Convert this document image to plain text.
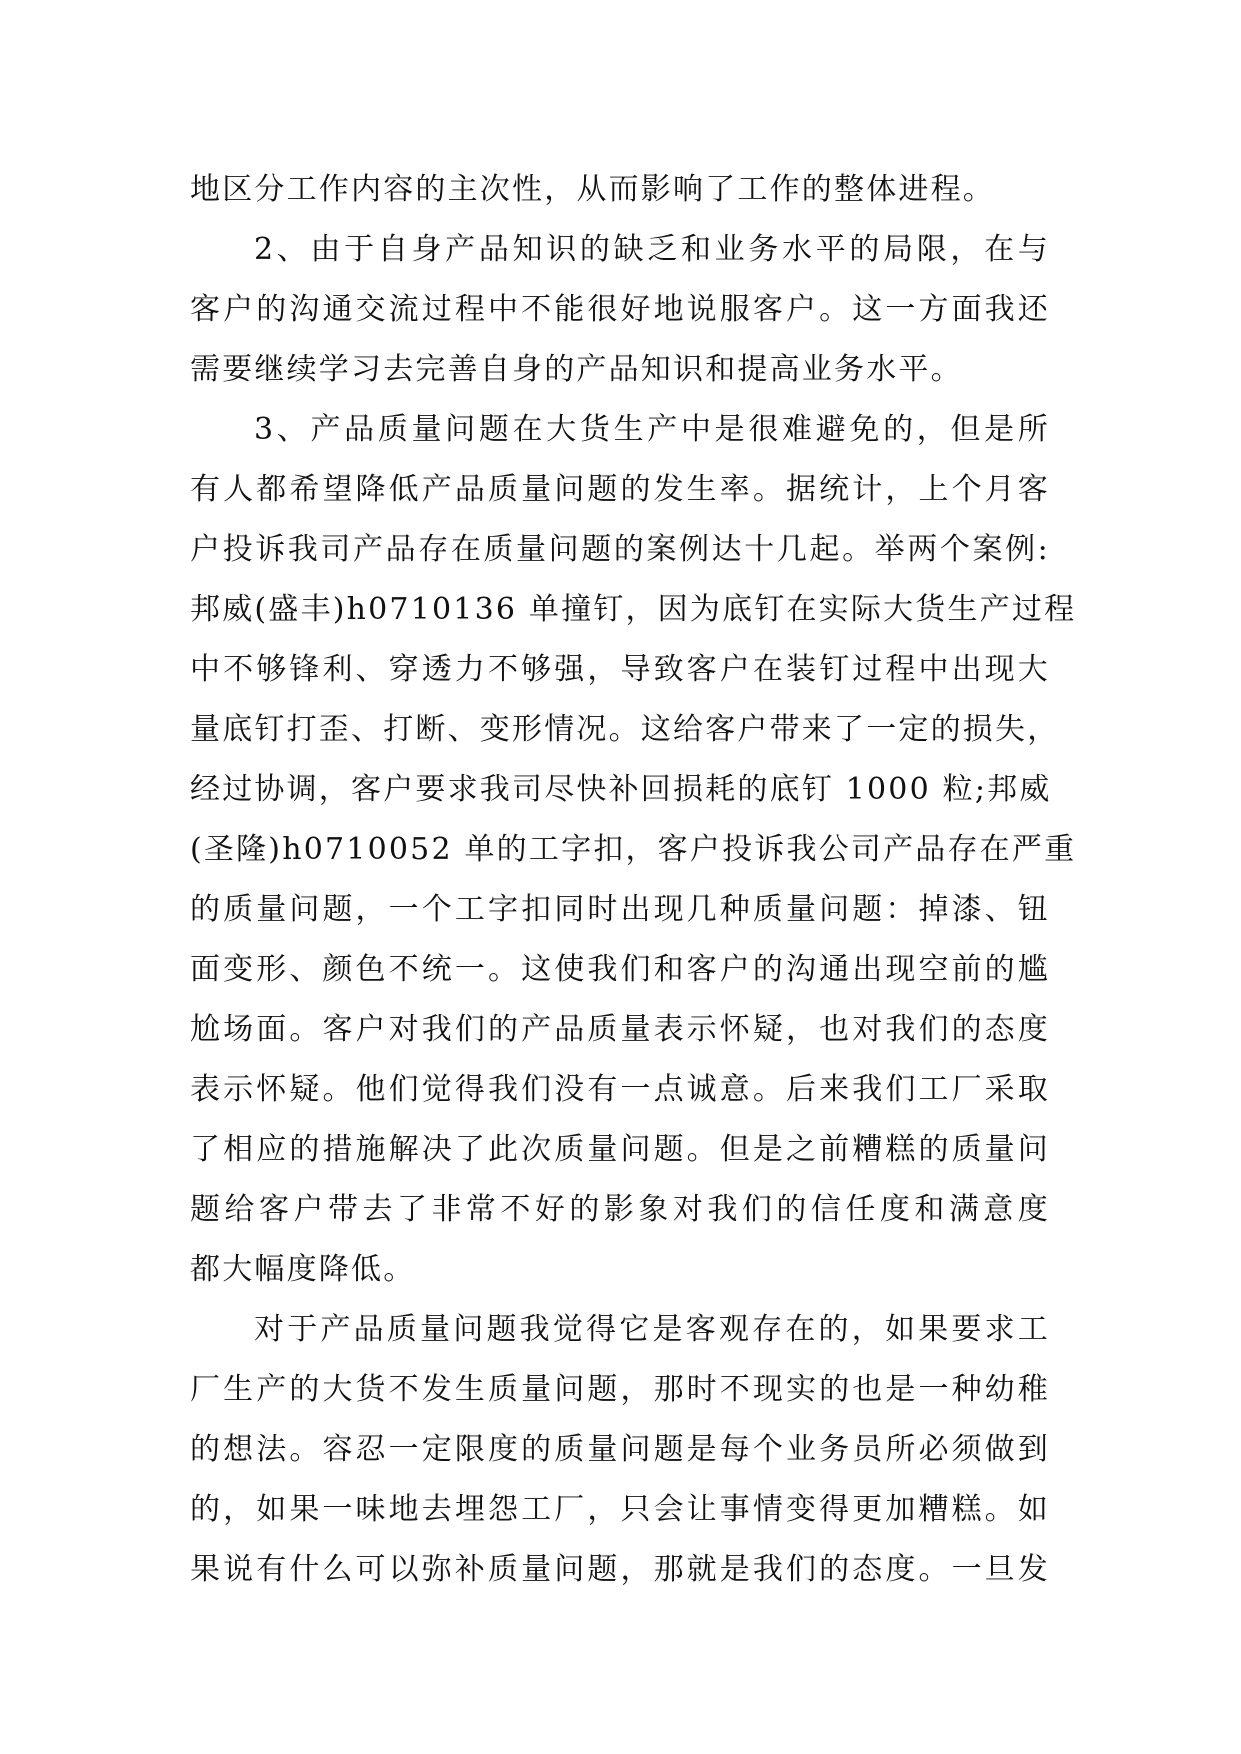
地区分工作内容的主次性，从而影响了工作的整体进程。
2、由于自身产品知识的缺乏和业务水平的局限，在与
客户的沟通交流过程中不能很好地说服客户。这一方面我还
需要继续学习去完善自身的产品知识和提高业务水平。
3、产品质量问题在大货生产中是很难避免的，但是所
有人都希望降低产品质量问题的发生率。据统计，上个月客
户投诉我司产品存在质量问题的案例达十几起。举两个案例:
邦威(盛丰)h0710136 单撞钉，因为底钉在实际大货生产过程
中不够锋利、穿透力不够强，导致客户在装钉过程中出现大
量底钉打歪、打断、变形情况。这给客户带来了一定的损失，
经过协调，客户要求我司尽快补回损耗的底钉 1000 粒;邦威
(圣隆)h0710052 单的工字扣，客户投诉我公司产品存在严重
的质量问题，一个工字扣同时出现几种质量问题：掉漆、钮
面变形、颜色不统一。这使我们和客户的沟通出现空前的尴
尬场面。客户对我们的产品质量表示怀疑，也对我们的态度
表示怀疑。他们觉得我们没有一点诚意。后来我们工厂采取
了相应的措施解决了此次质量问题。但是之前糟糕的质量问
题给客户带去了非常不好的影象对我们的信任度和满意度
都大幅度降低。
对于产品质量问题我觉得它是客观存在的，如果要求工
厂生产的大货不发生质量问题，那时不现实的也是一种幼稚
的想法。容忍一定限度的质量问题是每个业务员所必须做到
的，如果一味地去埋怨工厂，只会让事情变得更加糟糕。如
果说有什么可以弥补质量问题，那就是我们的态度。一旦发
